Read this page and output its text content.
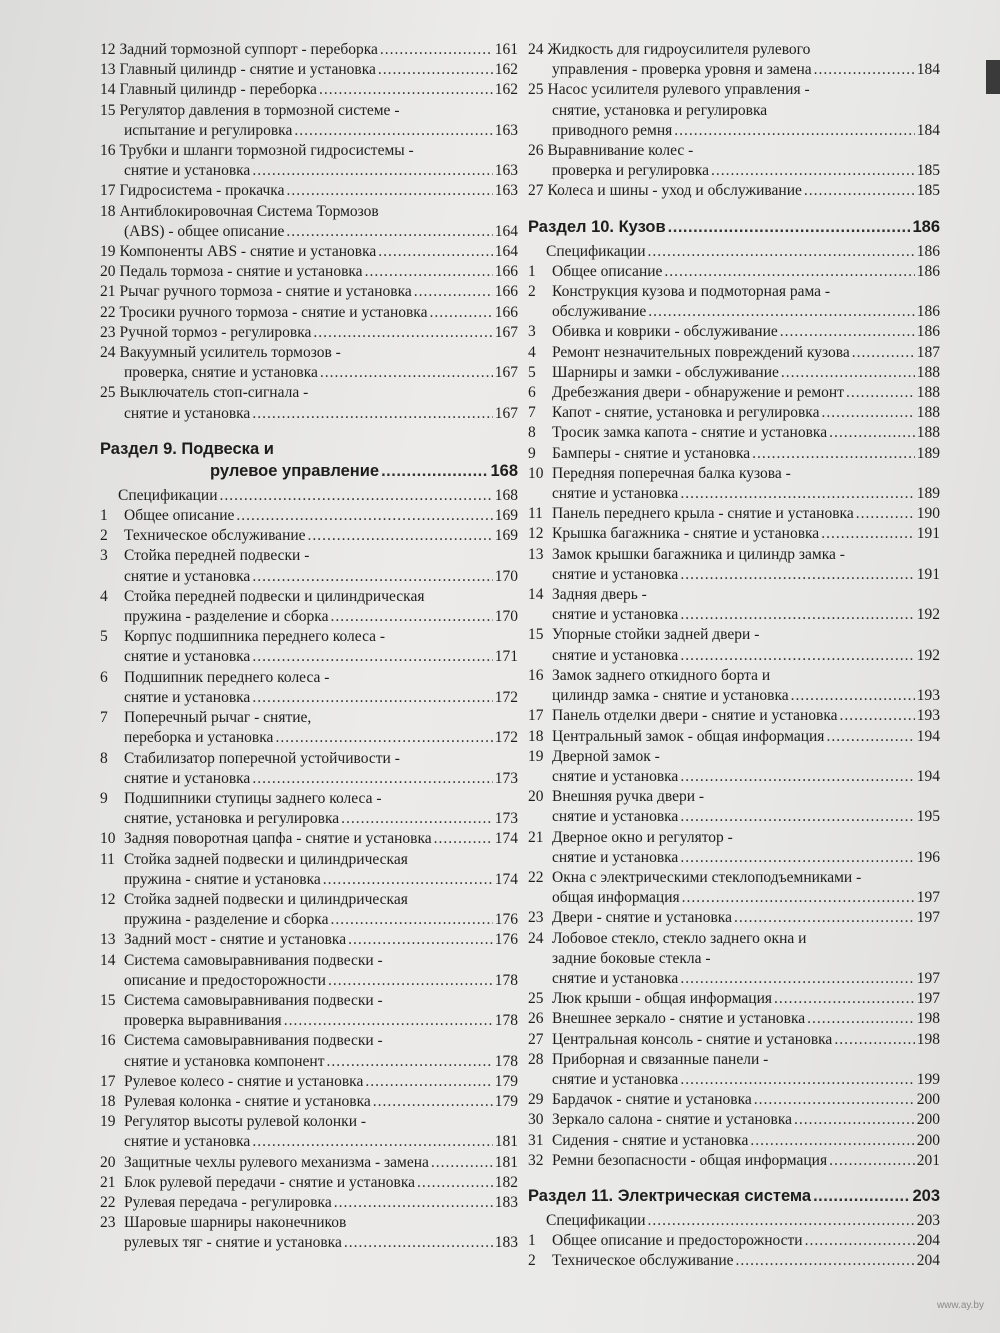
12 Задний тормозной суппорт - переборка .....	161
13 Главный цилиндр - снятие и установка .....	162
14 Главный цилиндр - переборка .....	162
15 Регулятор давления в тормозной системе -
испытание и регулировка .....	163
16 Трубки и шланги тормозной гидросистемы -
снятие и установка .....	163
17 Гидросистема - прокачка .....	163
18 Антиблокировочная Система Тормозов
(ABS) - общее описание .....	164
19 Компоненты ABS - снятие и установка .....	164
20 Педаль тормоза - снятие и установка .....	166
21 Рычаг ручного тормоза - снятие и установка .....	166
22 Тросики ручного тормоза - снятие и установка .....	166
23 Ручной тормоз - регулировка .....	167
24 Вакуумный усилитель тормозов -
проверка, снятие и установка .....	167
25 Выключатель стоп-сигнала -
снятие и установка .....	167
Раздел 9. Подвеска и
рулевое управление .....	168
Спецификации .....	168
1	Общее описание .....	169
2	Техническое обслуживание .....	169
3	Стойка передней подвески -
снятие и установка .....	170
4	Стойка передней подвески и цилиндрическая
пружина - разделение и сборка .....	170
5	Корпус подшипника переднего колеса -
снятие и установка .....	171
6	Подшипник переднего колеса -
снятие и установка .....	172
7	Поперечный рычаг - снятие,
переборка и установка .....	172
8	Стабилизатор поперечной устойчивости -
снятие и установка .....	173
9	Подшипники ступицы заднего колеса -
снятие, установка и регулировка .....	173
10 Задняя поворотная цапфа - снятие и установка .....	174
11 Стойка задней подвески и цилиндрическая
пружина - снятие и установка .....	174
12 Стойка задней подвески и цилиндрическая
пружина - разделение и сборка .....	176
13 Задний мост - снятие и установка .....	176
14 Система самовыравнивания подвески -
описание и предосторожности .....	178
15 Система самовыравнивания подвески -
проверка выравнивания .....	178
16 Система самовыравнивания подвески -
снятие и установка компонент .....	178
17 Рулевое колесо - снятие и установка .....	179
18 Рулевая колонка - снятие и установка .....	179
19 Регулятор высоты рулевой колонки -
снятие и установка .....	181
20 Защитные чехлы рулевого механизма - замена .....	181
21 Блок рулевой передачи - снятие и установка .....	182
22 Рулевая передача - регулировка .....	183
23 Шаровые шарниры наконечников
рулевых тяг - снятие и установка .....	183
24 Жидкость для гидроусилителя рулевого
управления - проверка уровня и замена .....	184
25 Насос усилителя рулевого управления -
снятие, установка и регулировка
приводного ремня .....	184
26 Выравнивание колес -
проверка и регулировка .....	185
27 Колеса и шины - уход и обслуживание .....	185
Раздел 10. Кузов .....	186
Спецификации .....	186
1	Общее описание .....	186
2	Конструкция кузова и подмоторная рама -
обслуживание .....	186
3	Обивка и коврики - обслуживание .....	186
4	Ремонт незначительных повреждений кузова .....	187
5	Шарниры и замки - обслуживание .....	188
6	Дребезжания двери - обнаружение и ремонт .....	188
7	Капот - снятие, установка и регулировка .....	188
8	Тросик замка капота - снятие и установка .....	188
9	Бамперы - снятие и установка .....	189
10 Передняя поперечная балка кузова -
снятие и установка .....	189
11 Панель переднего крыла - снятие и установка .....	190
12 Крышка багажника - снятие и установка .....	191
13 Замок крышки багажника и цилиндр замка -
снятие и установка .....	191
14 Задняя дверь -
снятие и установка .....	192
15 Упорные стойки задней двери -
снятие и установка .....	192
16 Замок заднего откидного борта и
цилиндр замка - снятие и установка .....	193
17 Панель отделки двери - снятие и установка .....	193
18 Центральный замок - общая информация .....	194
19 Дверной замок -
снятие и установка .....	194
20 Внешняя ручка двери -
снятие и установка .....	195
21 Дверное окно и регулятор -
снятие и установка .....	196
22 Окна с электрическими стеклоподъемниками -
общая информация .....	197
23 Двери - снятие и установка .....	197
24 Лобовое стекло, стекло заднего окна и
задние боковые стекла -
снятие и установка .....	197
25 Люк крыши - общая информация .....	197
26 Внешнее зеркало - снятие и установка .....	198
27 Центральная консоль - снятие и установка .....	198
28 Приборная и связанные панели -
снятие и установка .....	199
29 Бардачок - снятие и установка .....	200
30 Зеркало салона - снятие и установка .....	200
31 Сидения - снятие и установка .....	200
32 Ремни безопасности - общая информация .....	201
Раздел 11. Электрическая система .....	203
Спецификации .....	203
1	Общее описание и предосторожности .....	204
2	Техническое обслуживание .....	204
www.ay.by
